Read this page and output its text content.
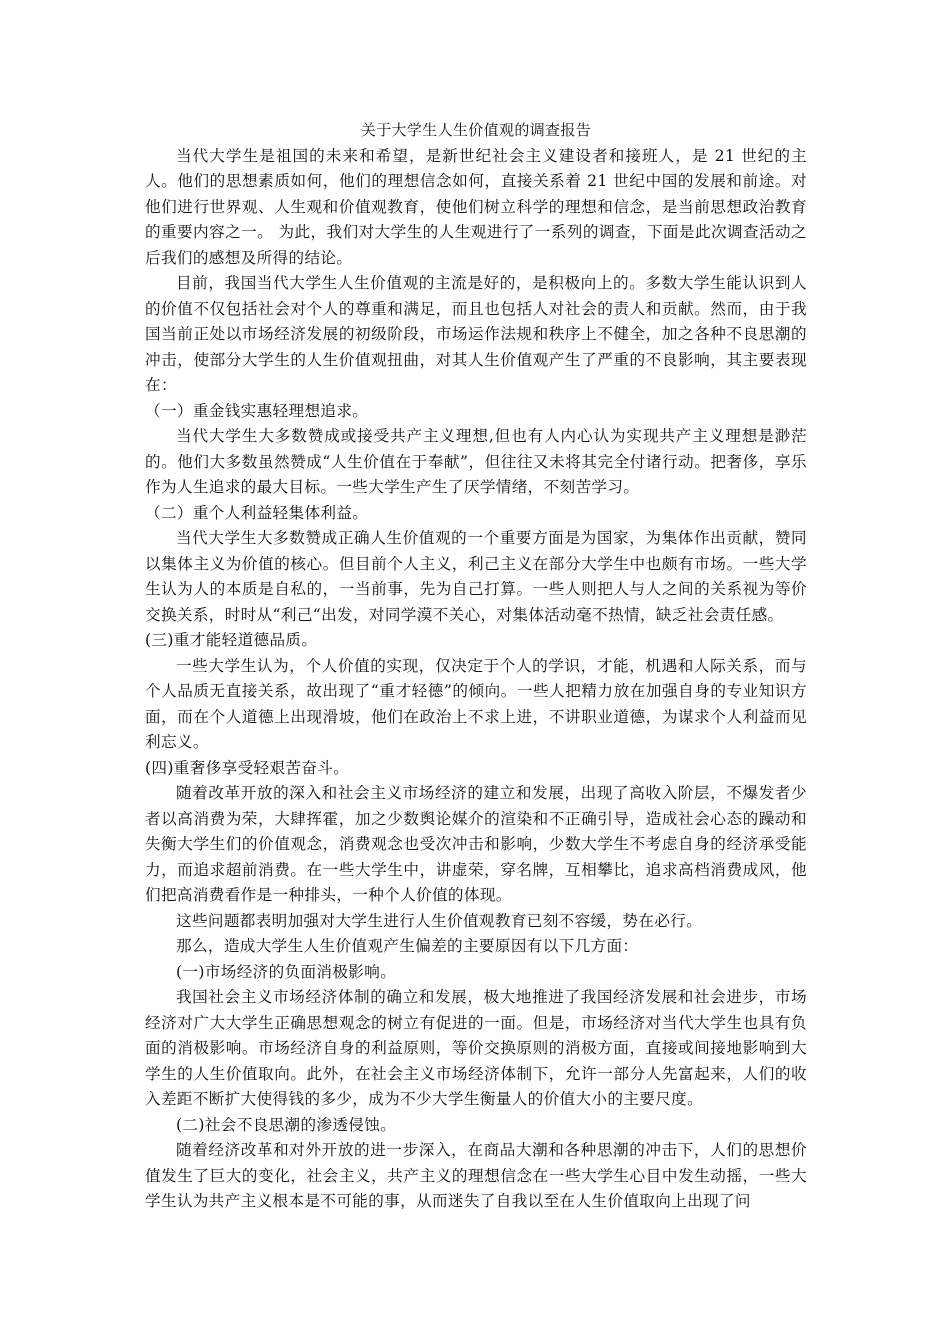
关于大学生人生价值观的调查报告

当代大学生是祖国的未来和希望，是新世纪社会主义建设者和接班人，是 21 世纪的主人。他们的思想素质如何，他们的理想信念如何，直接关系着 21 世纪中国的发展和前途。对他们进行世界观、人生观和价值观教育，使他们树立科学的理想和信念，是当前思想政治教育的重要内容之一。 为此，我们对大学生的人生观进行了一系列的调查，下面是此次调查活动之后我们的感想及所得的结论。

目前，我国当代大学生人生价值观的主流是好的，是积极向上的。多数大学生能认识到人的价值不仅包括社会对个人的尊重和满足，而且也包括人对社会的责人和贡献。然而，由于我国当前正处以市场经济发展的初级阶段，市场运作法规和秩序上不健全，加之各种不良思潮的冲击，使部分大学生的人生价值观扭曲，对其人生价值观产生了严重的不良影响，其主要表现在：

（一）重金钱实惠轻理想追求。

当代大学生大多数赞成或接受共产主义理想,但也有人内心认为实现共产主义理想是渺茫的。他们大多数虽然赞成“人生价值在于奉献”，但往往又未将其完全付诸行动。把奢侈，享乐作为人生追求的最大目标。一些大学生产生了厌学情绪，不刻苦学习。

（二）重个人利益轻集体利益。

当代大学生大多数赞成正确人生价值观的一个重要方面是为国家，为集体作出贡献，赞同以集体主义为价值的核心。但目前个人主义，利己主义在部分大学生中也颇有市场。一些大学生认为人的本质是自私的，一当前事，先为自己打算。一些人则把人与人之间的关系视为等价交换关系，时时从“利己“出发，对同学漠不关心，对集体活动毫不热情，缺乏社会责任感。

(三)重才能轻道德品质。

一些大学生认为，个人价值的实现，仅决定于个人的学识，才能，机遇和人际关系，而与个人品质无直接关系，故出现了“重才轻德”的倾向。一些人把精力放在加强自身的专业知识方面，而在个人道德上出现滑坡，他们在政治上不求上进，不讲职业道德，为谋求个人利益而见利忘义。

(四)重奢侈享受轻艰苦奋斗。

随着改革开放的深入和社会主义市场经济的建立和发展，出现了高收入阶层，不爆发者少者以高消费为荣，大肆挥霍，加之少数舆论媒介的渲染和不正确引导，造成社会心态的躁动和失衡大学生们的价值观念，消费观念也受次冲击和影响，少数大学生不考虑自身的经济承受能力，而追求超前消费。在一些大学生中，讲虚荣，穿名牌，互相攀比，追求高档消费成风，他们把高消费看作是一种排头，一种个人价值的体现。

这些问题都表明加强对大学生进行人生价值观教育已刻不容缓，势在必行。

那么，造成大学生人生价值观产生偏差的主要原因有以下几方面：

(一)市场经济的负面消极影响。

我国社会主义市场经济体制的确立和发展，极大地推进了我国经济发展和社会进步，市场经济对广大大学生正确思想观念的树立有促进的一面。但是，市场经济对当代大学生也具有负面的消极影响。市场经济自身的利益原则，等价交换原则的消极方面，直接或间接地影响到大学生的人生价值取向。此外，在社会主义市场经济体制下，允许一部分人先富起来，人们的收入差距不断扩大使得钱的多少，成为不少大学生衡量人的价值大小的主要尺度。

(二)社会不良思潮的渗透侵蚀。

随着经济改革和对外开放的进一步深入，在商品大潮和各种思潮的冲击下，人们的思想价值发生了巨大的变化，社会主义，共产主义的理想信念在一些大学生心目中发生动摇，一些大学生认为共产主义根本是不可能的事，从而迷失了自我以至在人生价值取向上出现了问
